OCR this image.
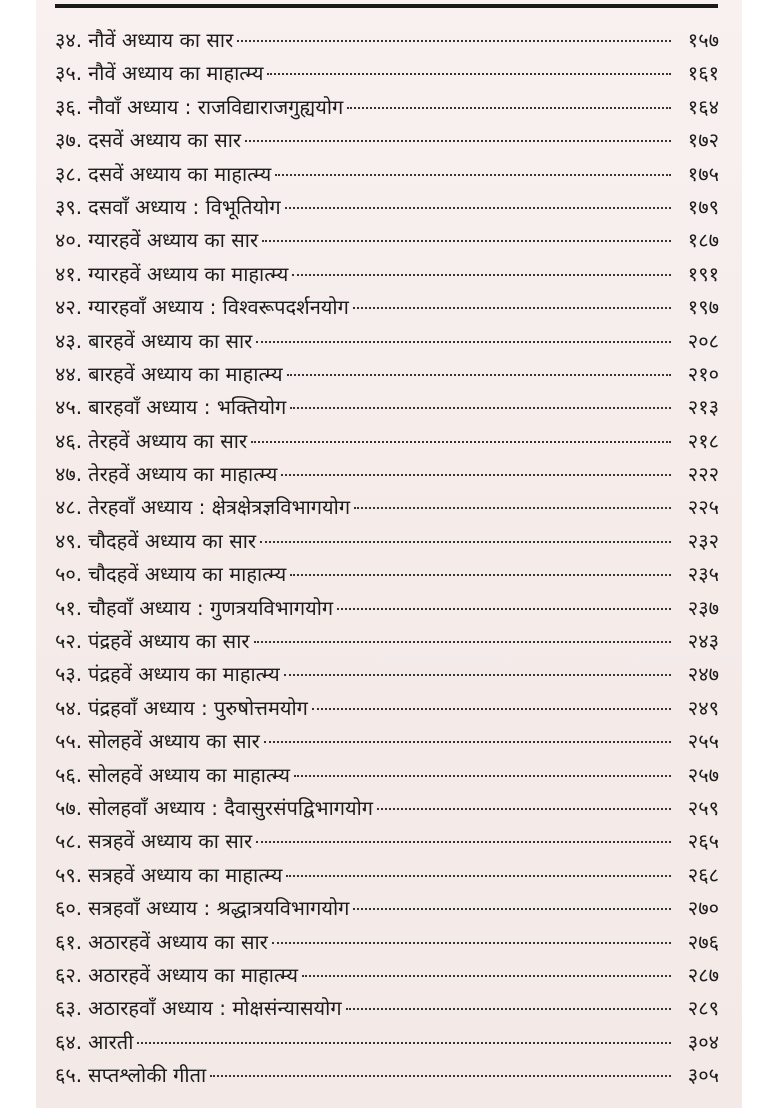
३४. नौवें अध्याय का सार	१५७
३५. नौवें अध्याय का माहात्म्य	१६१
३६. नौवाँ अध्याय : राजविद्याराजगुह्ययोग	१६४
३७. दसवें अध्याय का सार	१७२
३८. दसवें अध्याय का माहात्म्य	१७५
३९. दसवाँ अध्याय : विभूतियोग	१७९
४०. ग्यारहवें अध्याय का सार	१८७
४१. ग्यारहवें अध्याय का माहात्म्य	१९१
४२. ग्यारहवाँ अध्याय : विश्वरूपदर्शनयोग	१९७
४३. बारहवें अध्याय का सार	२०८
४४. बारहवें अध्याय का माहात्म्य	२१०
४५. बारहवाँ अध्याय : भक्तियोग	२१३
४६. तेरहवें अध्याय का सार	२१८
४७. तेरहवें अध्याय का माहात्म्य	२२२
४८. तेरहवाँ अध्याय : क्षेत्रक्षेत्रज्ञविभागयोग	२२५
४९. चौदहवें अध्याय का सार	२३२
५०. चौदहवें अध्याय का माहात्म्य	२३५
५१. चौहवाँ अध्याय : गुणत्रयविभागयोग	२३७
५२. पंद्रहवें अध्याय का सार	२४३
५३. पंद्रहवें अध्याय का माहात्म्य	२४७
५४. पंद्रहवाँ अध्याय : पुरुषोत्तमयोग	२४९
५५. सोलहवें अध्याय का सार	२५५
५६. सोलहवें अध्याय का माहात्म्य	२५७
५७. सोलहवाँ अध्याय : दैवासुरसंपद्विभागयोग	२५९
५८. सत्रहवें अध्याय का सार	२६५
५९. सत्रहवें अध्याय का माहात्म्य	२६८
६०. सत्रहवाँ अध्याय : श्रद्धात्रयविभागयोग	२७०
६१. अठारहवें अध्याय का सार	२७६
६२. अठारहवें अध्याय का माहात्म्य	२८७
६३. अठारहवाँ अध्याय : मोक्षसंन्यासयोग	२८९
६४. आरती	३०४
६५. सप्तश्लोकी गीता	३०५
